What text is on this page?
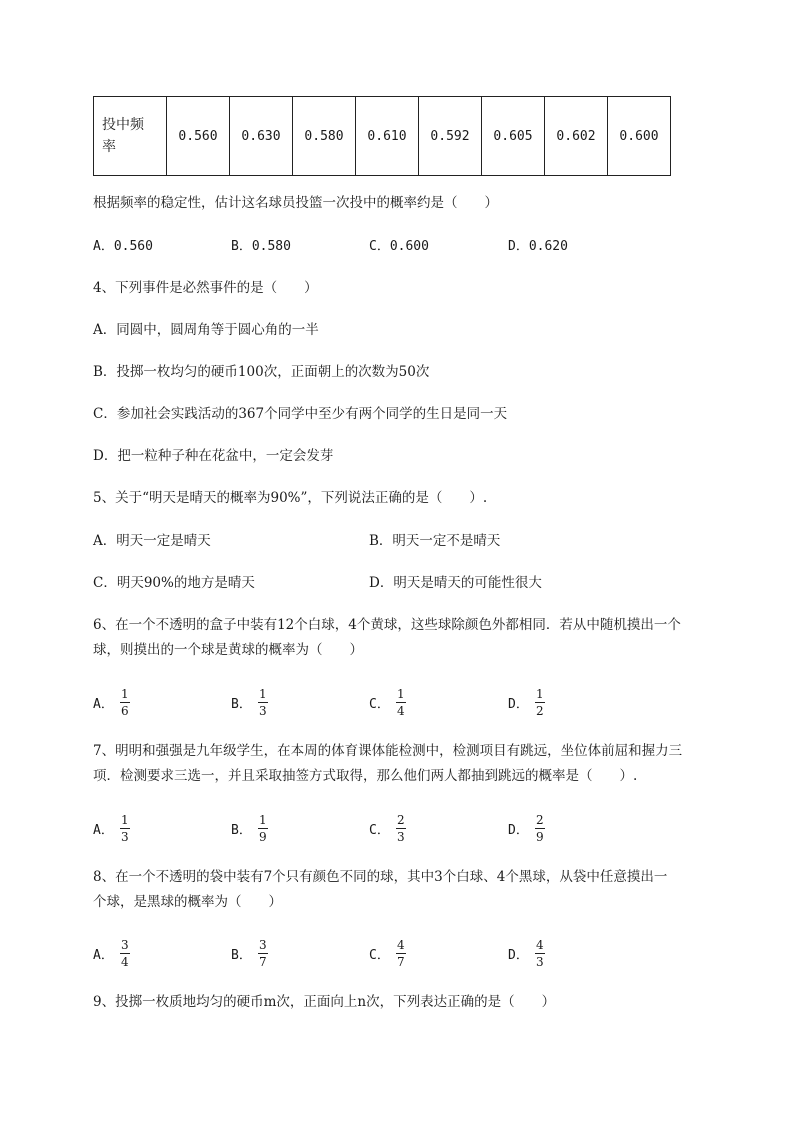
投中频
率	0.560	0.630	0.580	0.610	0.592	0.605	0.602	0.600
根据频率的稳定性，估计这名球员投篮一次投中的概率约是（　　）
A．0.560	B．0.580	C．0.600	D．0.620
4、下列事件是必然事件的是（　　）
A．同圆中，圆周角等于圆心角的一半
B．投掷一枚均匀的硬币100次，正面朝上的次数为50次
C．参加社会实践活动的367个同学中至少有两个同学的生日是同一天
D．把一粒种子种在花盆中，一定会发芽
5、关于“明天是晴天的概率为90%”，下列说法正确的是（　　）.
A．明天一定是晴天	B．明天一定不是晴天
C．明天90%的地方是晴天	D．明天是晴天的可能性很大
6、在一个不透明的盒子中装有12个白球，4个黄球，这些球除颜色外都相同．若从中随机摸出一个
球，则摸出的一个球是黄球的概率为（　　）
A． $\frac{1}{6}$	B． $\frac{1}{3}$	C． $\frac{1}{4}$	D． $\frac{1}{2}$
7、明明和强强是九年级学生，在本周的体育课体能检测中，检测项目有跳远，坐位体前屈和握力三
项．检测要求三选一，并且采取抽签方式取得，那么他们两人都抽到跳远的概率是（　　）.
A． $\frac{1}{3}$	B． $\frac{1}{9}$	C． $\frac{2}{3}$	D． $\frac{2}{9}$
8、在一个不透明的袋中装有7个只有颜色不同的球，其中3个白球、4个黑球，从袋中任意摸出一
个球，是黑球的概率为（　　）
A． $\frac{3}{4}$	B． $\frac{3}{7}$	C． $\frac{4}{7}$	D． $\frac{4}{3}$
9、投掷一枚质地均匀的硬币m次，正面向上n次，下列表达正确的是（　　）
